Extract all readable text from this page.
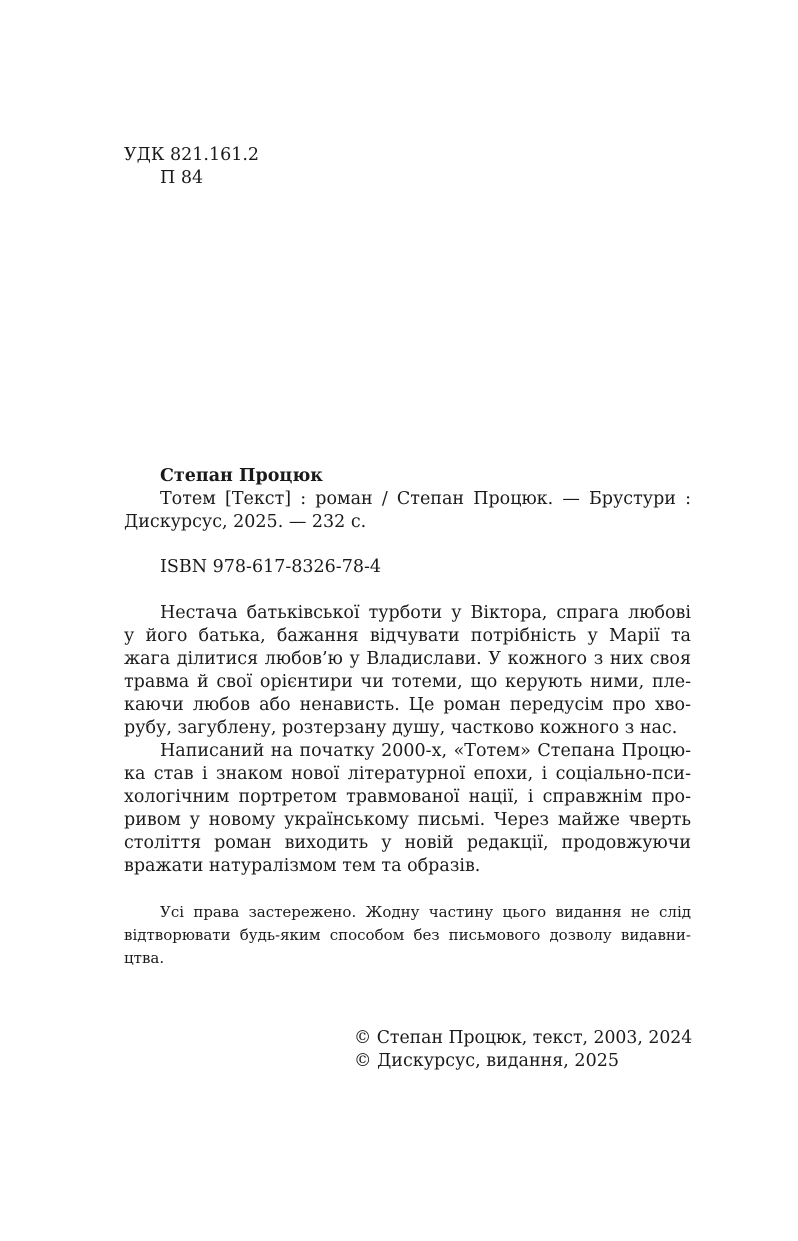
УДК 821.161.2
П 84
Степан Процюк
Тотем [Текст] : роман / Степан Процюк. — Брустури :
Дискурсус, 2025. — 232 с.
ISBN 978-617-8326-78-4
Нестача батьківської турботи у Віктора, спрага любові
у його батька, бажання відчувати потрібність у Марії та
жага ділитися любов’ю у Владислави. У кожного з них своя
травма й свої орієнтири чи тотеми, що керують ними, пле-
каючи любов або ненависть. Це роман передусім про хво-
рубу, загублену, розтерзану душу, частково кожного з нас.
Написаний на початку 2000-х, «Тотем» Степана Процю-
ка став і знаком нової літературної епохи, і соціально-пси-
хологічним портретом травмованої нації, і справжнім про-
ривом у новому українському письмі. Через майже чверть
століття роман виходить у новій редакції, продовжуючи
вражати натуралізмом тем та образів.
Усі права застережено. Жодну частину цього видання не слід
відтворювати будь-яким способом без письмового дозволу видавни-
цтва.
© Степан Процюк, текст, 2003, 2024
© Дискурсус, видання, 2025
